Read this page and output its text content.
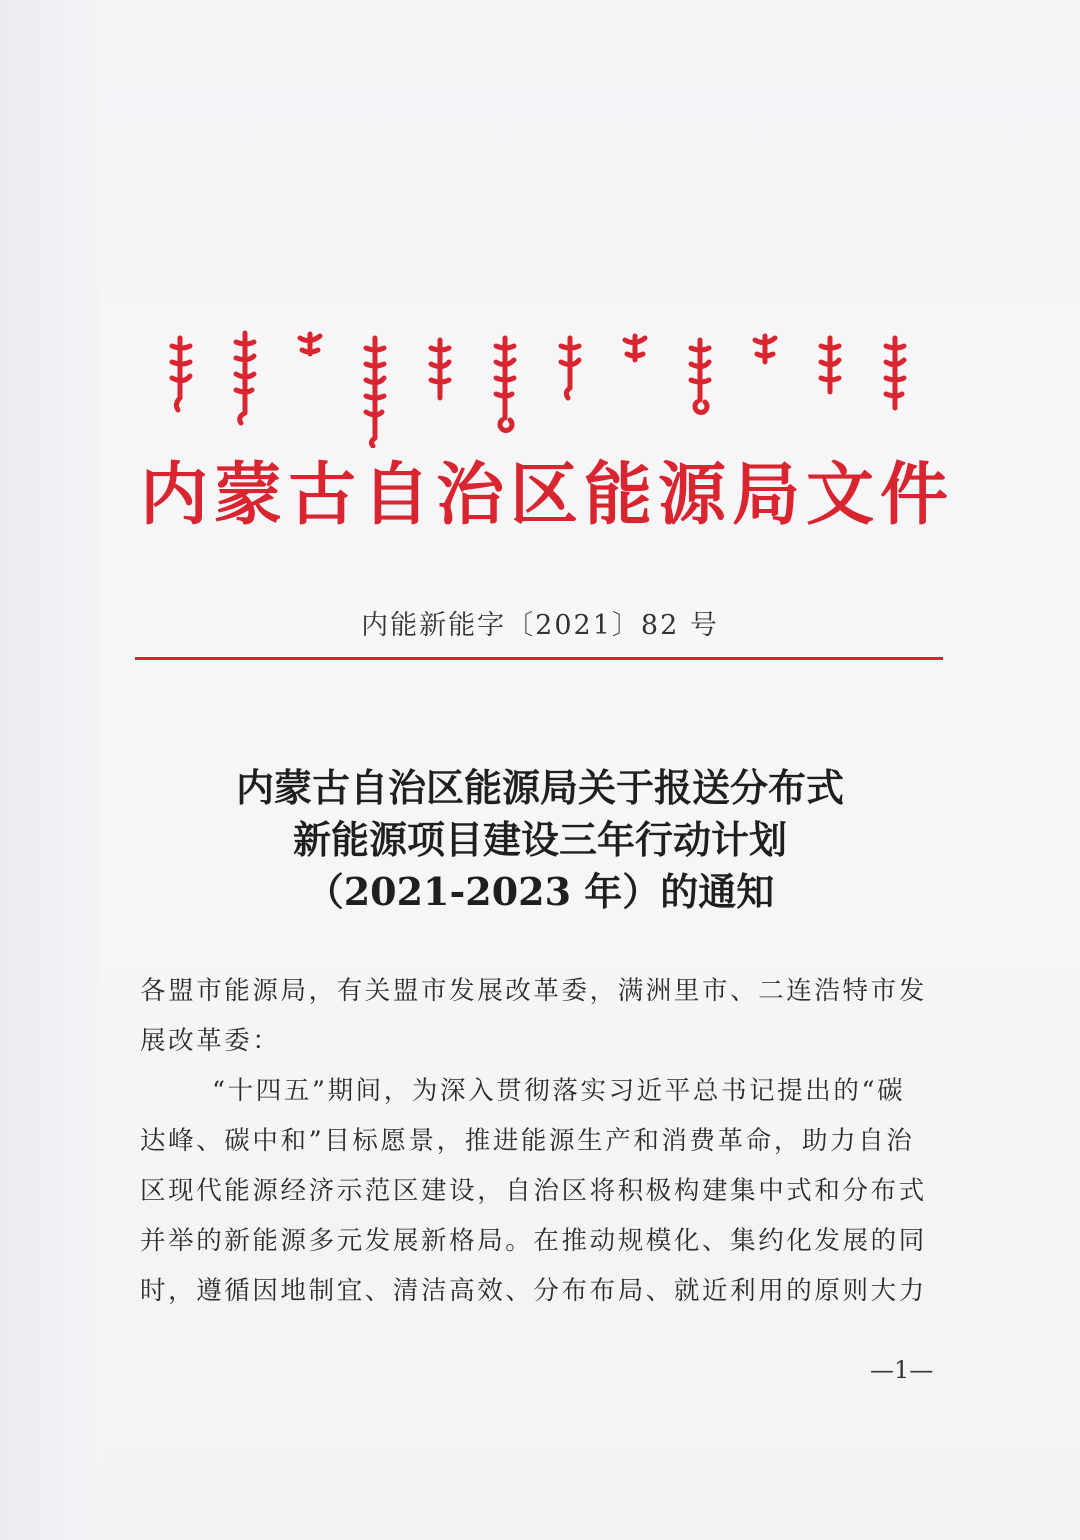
内蒙古自治区能源局文件
内能新能字〔2021〕82 号
内蒙古自治区能源局关于报送分布式
新能源项目建设三年行动计划
（2021-2023 年）的通知
各盟市能源局，有关盟市发展改革委，满洲里市、二连浩特市发
展改革委：
“十四五”期间，为深入贯彻落实习近平总书记提出的“碳
达峰、碳中和”目标愿景，推进能源生产和消费革命，助力自治
区现代能源经济示范区建设，自治区将积极构建集中式和分布式
并举的新能源多元发展新格局。在推动规模化、集约化发展的同
时，遵循因地制宜、清洁高效、分布布局、就近利用的原则大力
—1—
